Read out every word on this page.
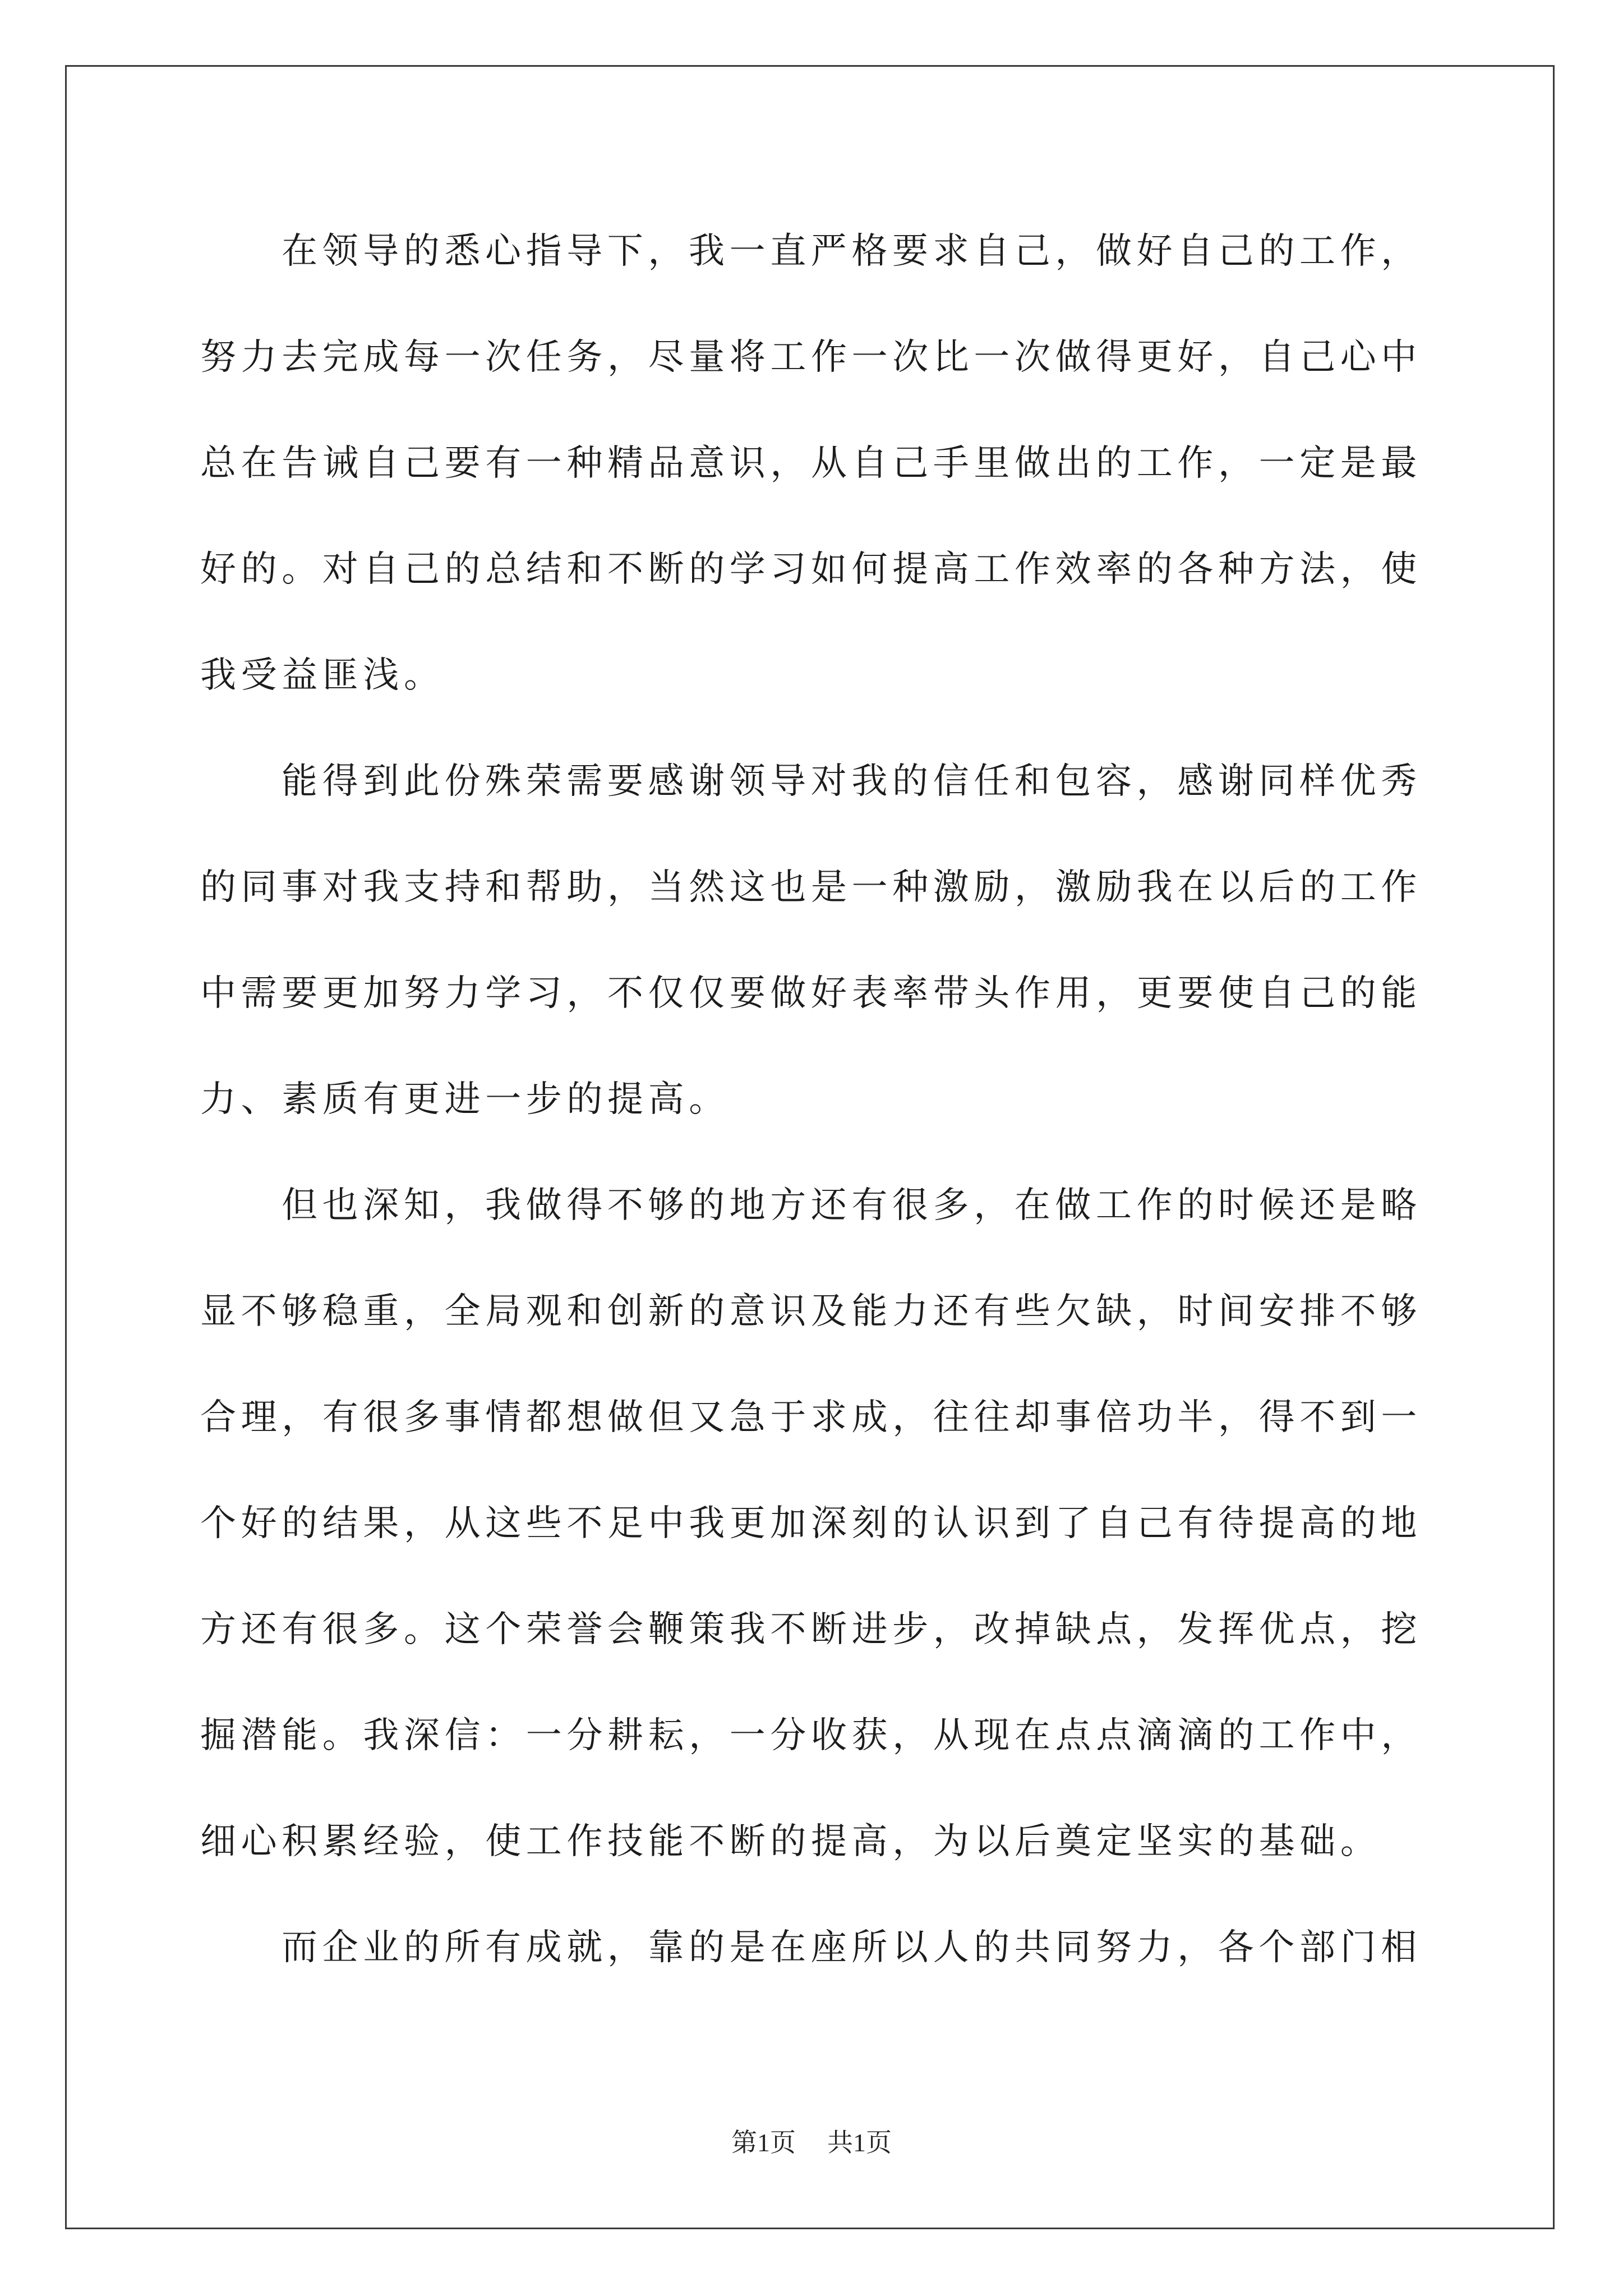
在领导的悉心指导下，我一直严格要求自己，做好自己的工作，
努力去完成每一次任务，尽量将工作一次比一次做得更好，自己心中
总在告诫自己要有一种精品意识，从自己手里做出的工作，一定是最
好的。对自己的总结和不断的学习如何提高工作效率的各种方法，使
我受益匪浅。
能得到此份殊荣需要感谢领导对我的信任和包容，感谢同样优秀
的同事对我支持和帮助，当然这也是一种激励，激励我在以后的工作
中需要更加努力学习，不仅仅要做好表率带头作用，更要使自己的能
力、素质有更进一步的提高。
但也深知，我做得不够的地方还有很多，在做工作的时候还是略
显不够稳重，全局观和创新的意识及能力还有些欠缺，时间安排不够
合理，有很多事情都想做但又急于求成，往往却事倍功半，得不到一
个好的结果，从这些不足中我更加深刻的认识到了自己有待提高的地
方还有很多。这个荣誉会鞭策我不断进步，改掉缺点，发挥优点，挖
掘潜能。我深信：一分耕耘，一分收获，从现在点点滴滴的工作中，
细心积累经验，使工作技能不断的提高，为以后奠定坚实的基础。
而企业的所有成就，靠的是在座所以人的共同努力，各个部门相
第1页 共1页
